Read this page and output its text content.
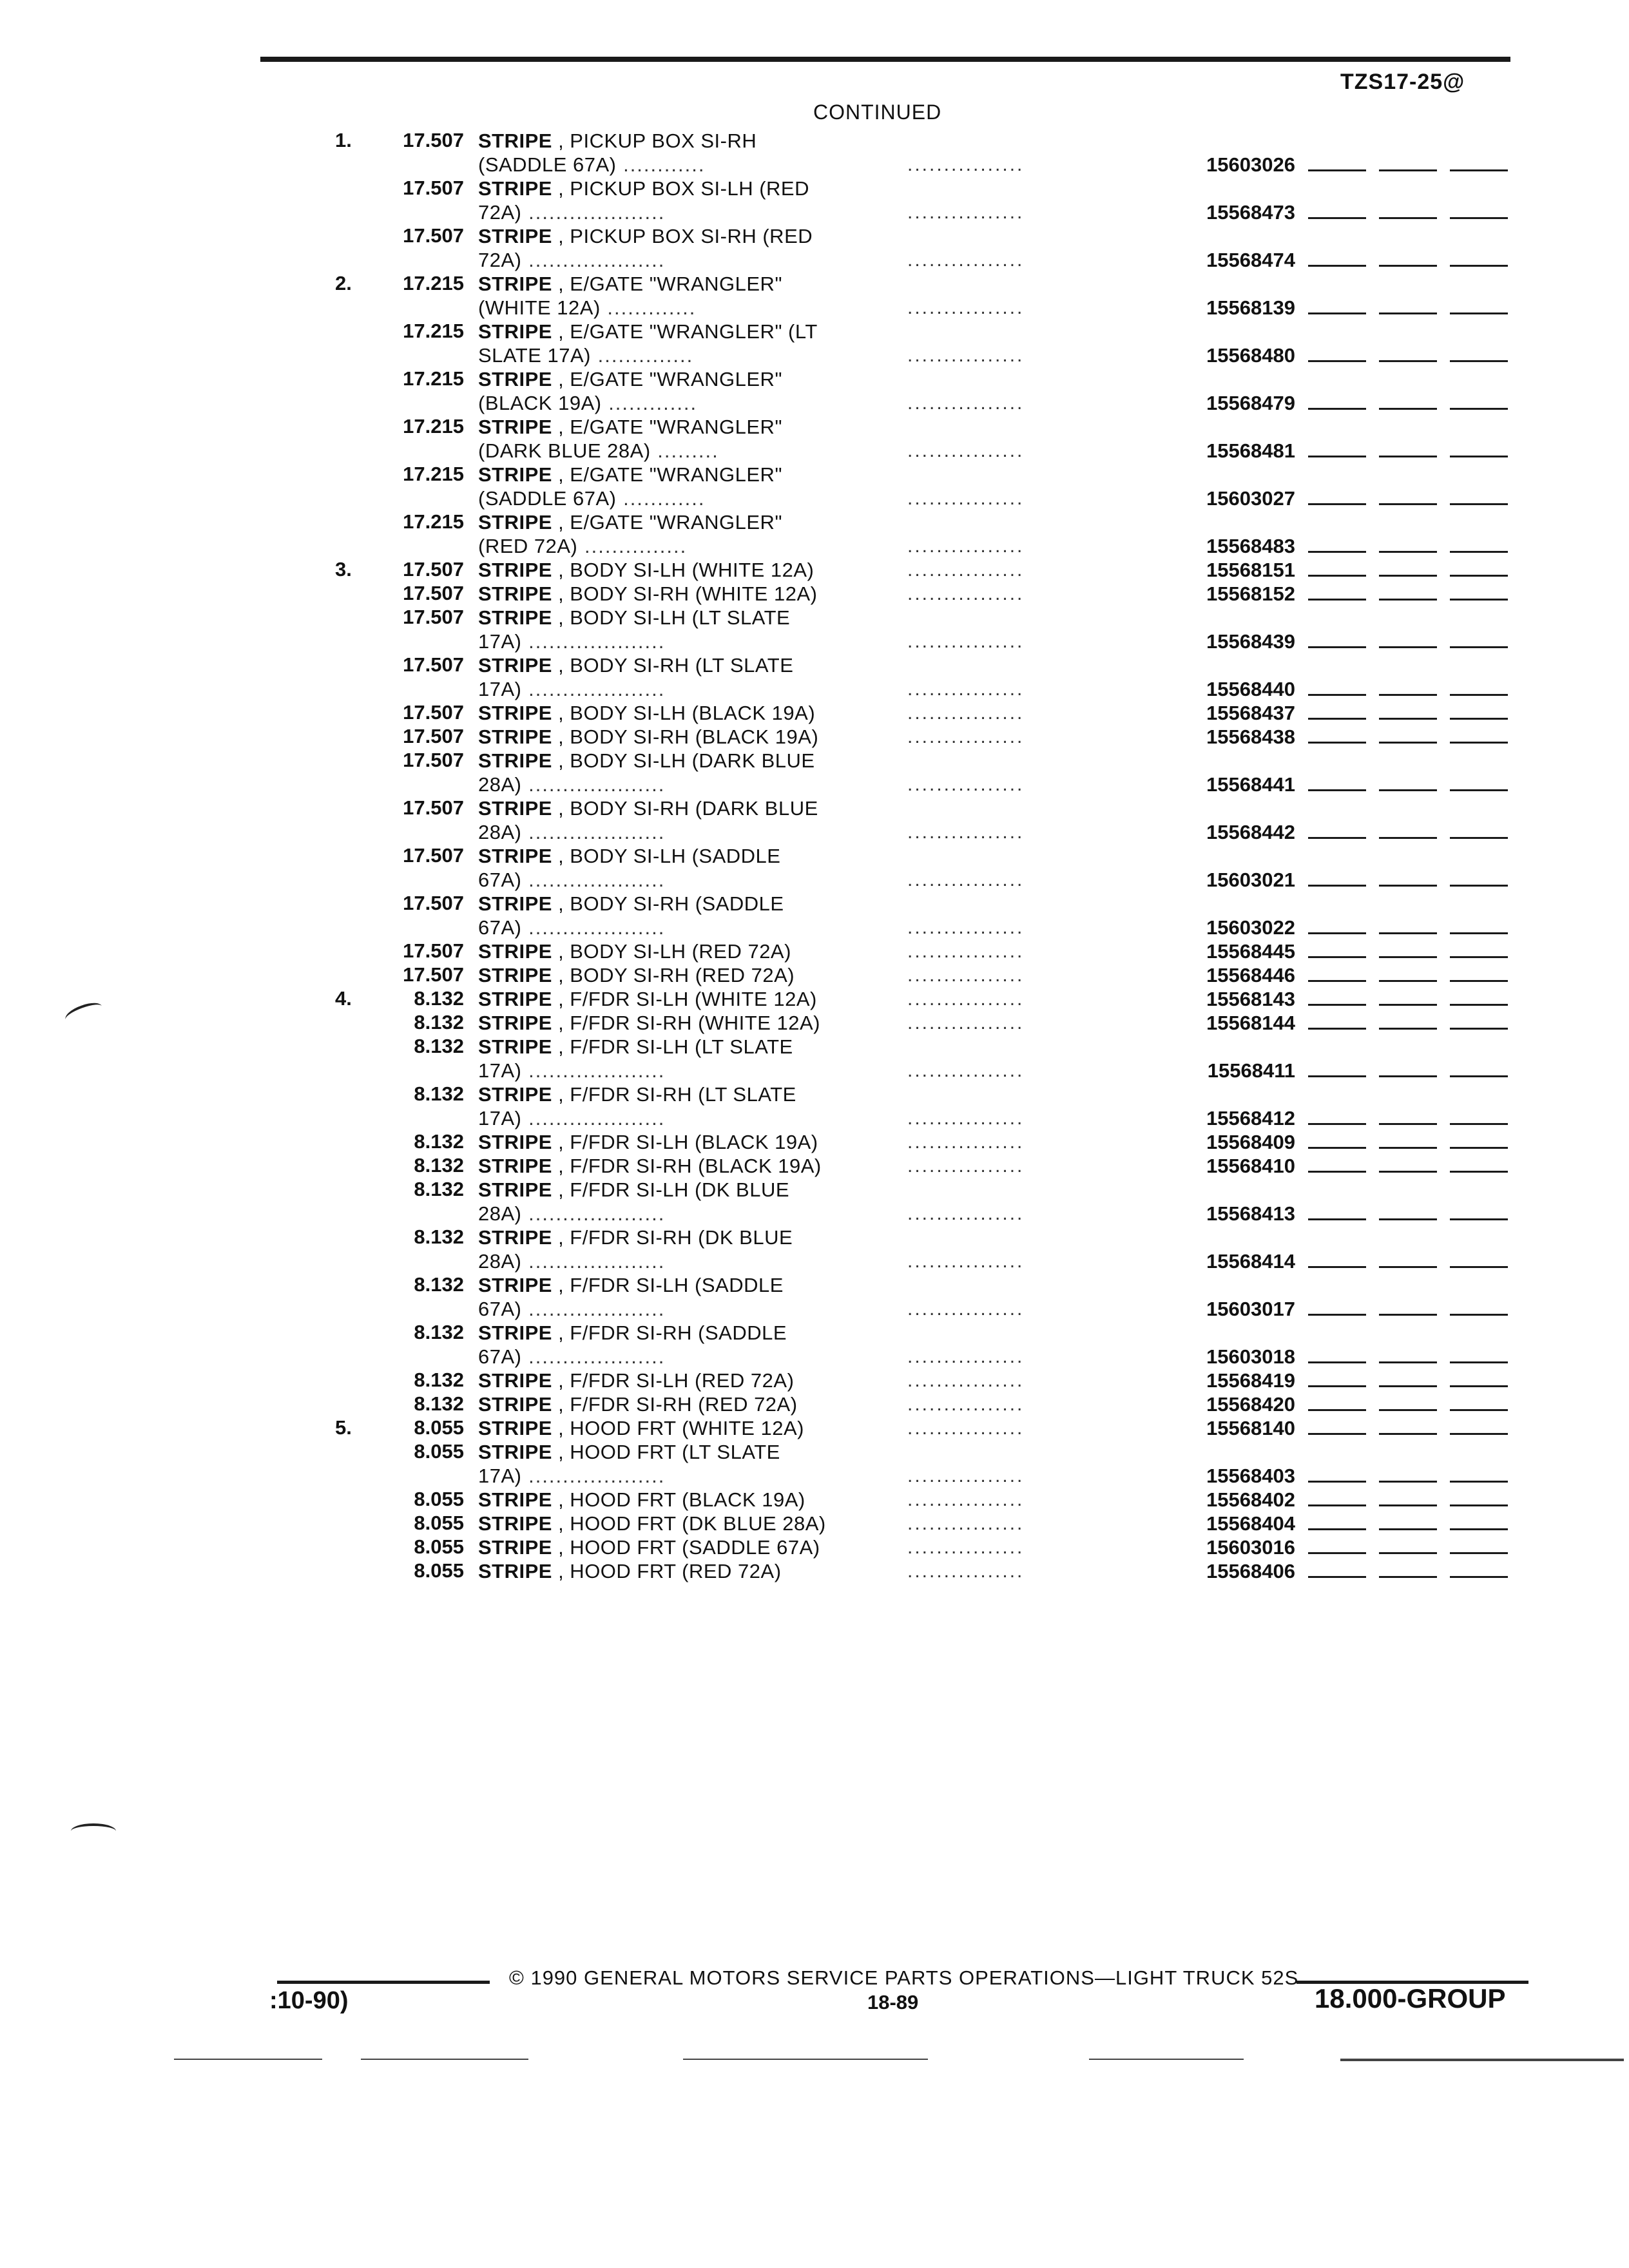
TZS17-25@
CONTINUED
1.	17.507 STRIPE , PICKUP BOX SI-RH
(SADDLE 67A) ............	................	15603026
17.507 STRIPE , PICKUP BOX SI-LH (RED
72A) ....................	................	15568473
17.507 STRIPE , PICKUP BOX SI-RH (RED
72A) ....................	................	15568474
2.	17.215 STRIPE , E/GATE "WRANGLER"
(WHITE 12A) .............	................	15568139
17.215 STRIPE , E/GATE "WRANGLER" (LT
SLATE 17A) ..............	................	15568480
17.215 STRIPE , E/GATE "WRANGLER"
(BLACK 19A) .............	................	15568479
17.215 STRIPE , E/GATE "WRANGLER"
(DARK BLUE 28A) .........	................	15568481
17.215 STRIPE , E/GATE "WRANGLER"
(SADDLE 67A) ............	................	15603027
17.215 STRIPE , E/GATE "WRANGLER"
(RED 72A) ...............	................	15568483
3.	17.507 STRIPE , BODY SI-LH (WHITE 12A)	................	15568151
17.507 STRIPE , BODY SI-RH (WHITE 12A)	................	15568152
17.507 STRIPE , BODY SI-LH (LT SLATE
17A) ....................	................	15568439
17.507 STRIPE , BODY SI-RH (LT SLATE
17A) ....................	................	15568440
17.507 STRIPE , BODY SI-LH (BLACK 19A)	................	15568437
17.507 STRIPE , BODY SI-RH (BLACK 19A)	................	15568438
17.507 STRIPE , BODY SI-LH (DARK BLUE
28A) ....................	................	15568441
17.507 STRIPE , BODY SI-RH (DARK BLUE
28A) ....................	................	15568442
17.507 STRIPE , BODY SI-LH (SADDLE
67A) ....................	................	15603021
17.507 STRIPE , BODY SI-RH (SADDLE
67A) ....................	................	15603022
17.507 STRIPE , BODY SI-LH (RED 72A)	................	15568445
17.507 STRIPE , BODY SI-RH (RED 72A)	................	15568446
4.	8.132 STRIPE , F/FDR SI-LH (WHITE 12A)	................	15568143
8.132 STRIPE , F/FDR SI-RH (WHITE 12A)	................	15568144
8.132 STRIPE , F/FDR SI-LH (LT SLATE
17A) ....................	................	15568411
8.132 STRIPE , F/FDR SI-RH (LT SLATE
17A) ....................	................	15568412
8.132 STRIPE , F/FDR SI-LH (BLACK 19A)	................	15568409
8.132 STRIPE , F/FDR SI-RH (BLACK 19A)	................	15568410
8.132 STRIPE , F/FDR SI-LH (DK BLUE
28A) ....................	................	15568413
8.132 STRIPE , F/FDR SI-RH (DK BLUE
28A) ....................	................	15568414
8.132 STRIPE , F/FDR SI-LH (SADDLE
67A) ....................	................	15603017
8.132 STRIPE , F/FDR SI-RH (SADDLE
67A) ....................	................	15603018
8.132 STRIPE , F/FDR SI-LH (RED 72A)	................	15568419
8.132 STRIPE , F/FDR SI-RH (RED 72A)	................	15568420
5.	8.055 STRIPE , HOOD FRT (WHITE 12A)	................	15568140
8.055 STRIPE , HOOD FRT (LT SLATE
17A) ....................	................	15568403
8.055 STRIPE , HOOD FRT (BLACK 19A)	................	15568402
8.055 STRIPE , HOOD FRT (DK BLUE 28A)	................	15568404
8.055 STRIPE , HOOD FRT (SADDLE 67A)	................	15603016
8.055 STRIPE , HOOD FRT (RED 72A)	................	15568406
© 1990 GENERAL MOTORS SERVICE PARTS OPERATIONS—LIGHT TRUCK 52S
18-89
:10-90)	18.000-GROUP
